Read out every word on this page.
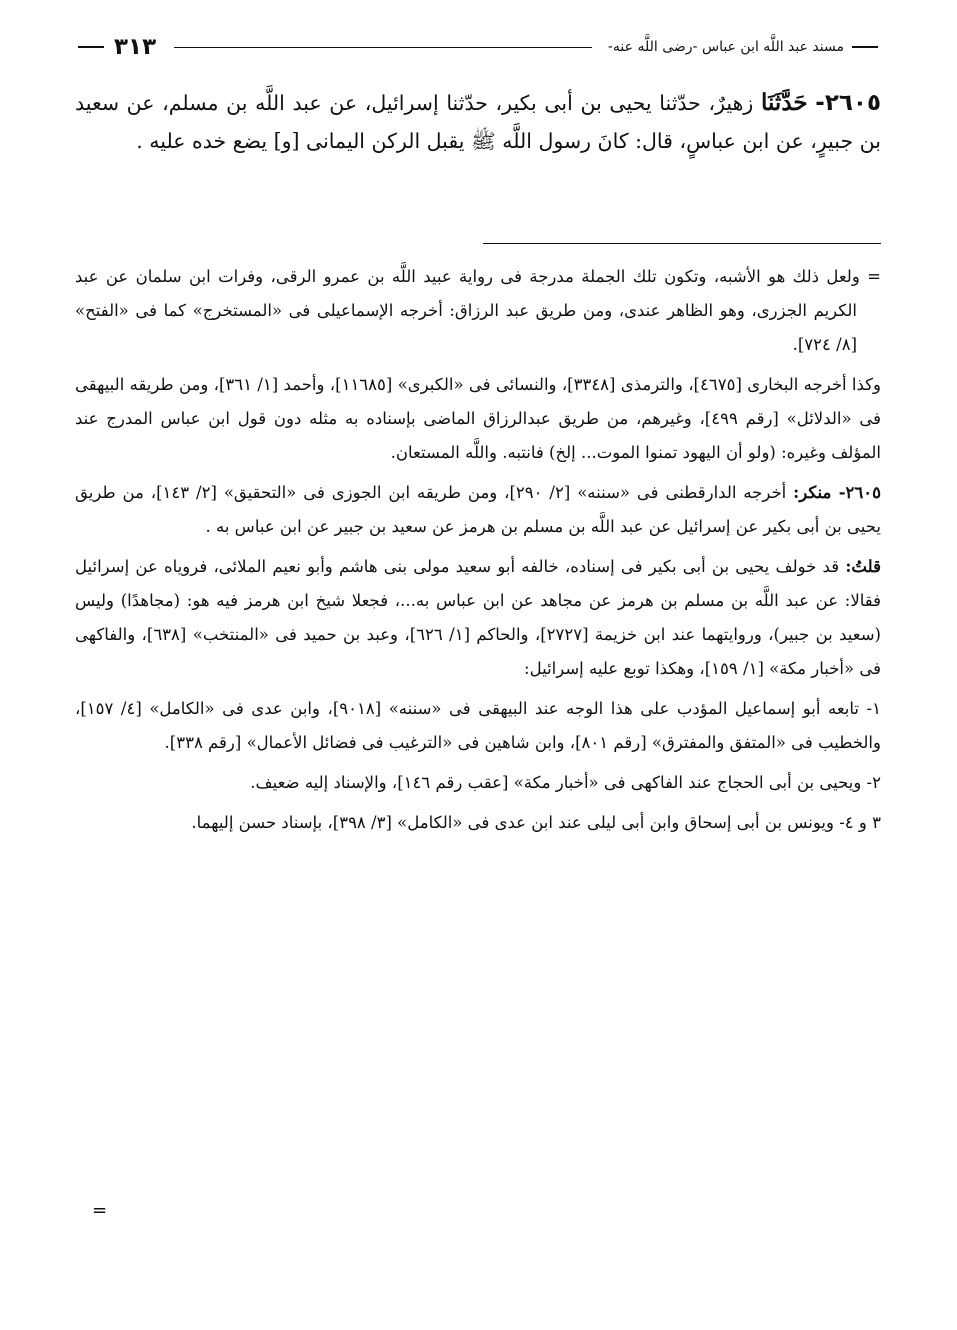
٣١٣	مسند عبد اللَّه ابن عباس -رضى اللَّه عنه-

٢٦٠٥- حَدَّثَنَا زهيرٌ، حدّثنا يحيى بن أبى بكير، حدّثنا إسرائيل، عن عبد اللَّه بن مسلم، عن سعيد بن جبيرٍ، عن ابن عباسٍ، قال: كانَ رسول اللَّه ﷺ يقبل الركن اليمانى [و] يضع خده عليه .

= ولعل ذلك هو الأشبه، وتكون تلك الجملة مدرجة فى رواية عبيد اللَّه بن عمرو الرقى، وفرات ابن سلمان عن عبد الكريم الجزرى، وهو الظاهر عندى، ومن طريق عبد الرزاق: أخرجه الإسماعيلى فى «المستخرج» كما فى «الفتح» [٨/ ٧٢٤].

وكذا أخرجه البخارى [٤٦٧٥]، والترمذى [٣٣٤٨]، والنسائى فى «الكبرى» [١١٦٨٥]، وأحمد [١/ ٣٦١]، ومن طريقه البيهقى فى «الدلائل» [رقم ٤٩٩]، وغيرهم، من طريق عبدالرزاق الماضى بإسناده به مثله دون قول ابن عباس المدرج عند المؤلف وغيره: (ولو أن اليهود تمنوا الموت... إلخ) فانتبه. واللَّه المستعان.

٢٦٠٥- منكر: أخرجه الدارقطنى فى «سننه» [٢/ ٢٩٠]، ومن طريقه ابن الجوزى فى «التحقيق» [٢/ ١٤٣]، من طريق يحيى بن أبى بكير عن إسرائيل عن عبد اللَّه بن مسلم بن هرمز عن سعيد بن جبير عن ابن عباس به .

قلتُ: قد خولف يحيى بن أبى بكير فى إسناده، خالفه أبو سعيد مولى بنى هاشم وأبو نعيم الملائى، فروياه عن إسرائيل فقالا: عن عبد اللَّه بن مسلم بن هرمز عن مجاهد عن ابن عباس به...، فجعلا شيخ ابن هرمز فيه هو: (مجاهدًا) وليس (سعيد بن جبير)، وروايتهما عند ابن خزيمة [٢٧٢٧]، والحاكم [١/ ٦٢٦]، وعبد بن حميد فى «المنتخب» [٦٣٨]، والفاكهى فى «أخبار مكة» [١/ ١٥٩]، وهكذا توبع عليه إسرائيل:

١- تابعه أبو إسماعيل المؤدب على هذا الوجه عند البيهقى فى «سننه» [٩٠١٨]، وابن عدى فى «الكامل» [٤/ ١٥٧]، والخطيب فى «المتفق والمفترق» [رقم ٨٠١]، وابن شاهين فى «الترغيب فى فضائل الأعمال» [رقم ٣٣٨].

٢- ويحيى بن أبى الحجاج عند الفاكهى فى «أخبار مكة» [عقب رقم ١٤٦]، والإسناد إليه ضعيف.

٣ و ٤- ويونس بن أبى إسحاق وابن أبى ليلى عند ابن عدى فى «الكامل» [٣/ ٣٩٨]، بإسناد حسن إليهما.

=
